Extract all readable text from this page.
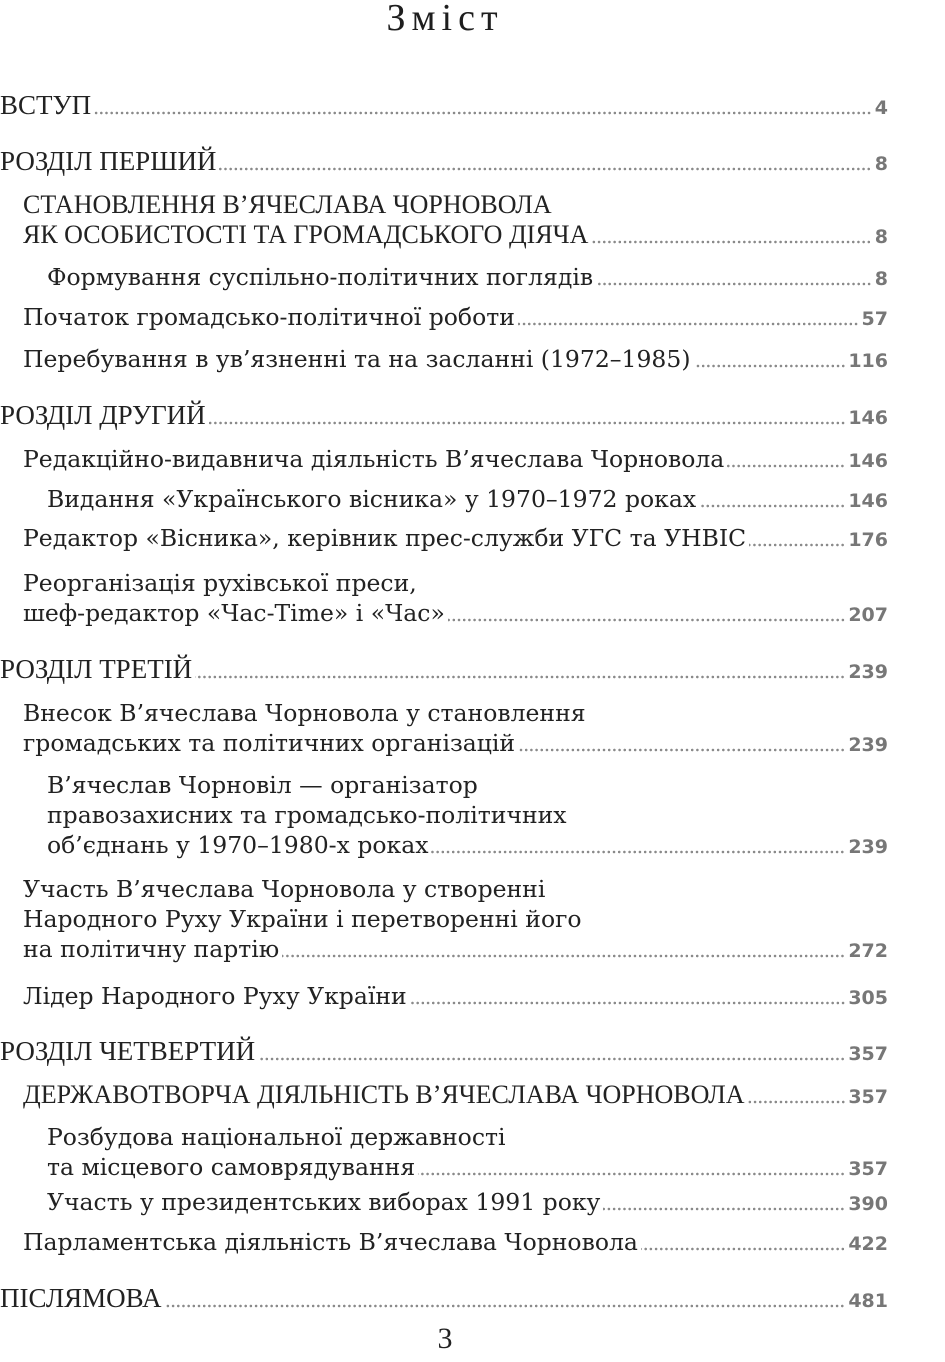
Зміст
ВСТУП	4
РОЗДІЛ ПЕРШИЙ	8
СТАНОВЛЕННЯ В’ЯЧЕСЛАВА ЧОРНОВОЛА
ЯК ОСОБИСТОСТІ ТА ГРОМАДСЬКОГО ДІЯЧА	8
Формування суспільно-політичних поглядів	8
Початок громадсько-політичної роботи	57
Перебування в ув’язненні та на засланні (1972–1985)	116
РОЗДІЛ ДРУГИЙ	146
Редакційно-видавнича діяльність В’ячеслава Чорновола	146
Видання «Українського вісника» у 1970–1972 роках	146
Редактор «Вісника», керівник прес-служби УГС та УНВІС	176
Реорганізація рухівської преси,
шеф-редактор «Час-Time» і «Час»	207
РОЗДІЛ ТРЕТІЙ	239
Внесок В’ячеслава Чорновола у становлення
громадських та політичних організацій	239
В’ячеслав Чорновіл — організатор
правозахисних та громадсько-політичних
об’єднань у 1970–1980-х роках	239
Участь В’ячеслава Чорновола у створенні
Народного Руху України і перетворенні його
на політичну партію	272
Лідер Народного Руху України	305
РОЗДІЛ ЧЕТВЕРТИЙ	357
ДЕРЖАВОТВОРЧА ДІЯЛЬНІСТЬ В’ЯЧЕСЛАВА ЧОРНОВОЛА	357
Розбудова національної державності
та місцевого самоврядування	357
Участь у президентських виборах 1991 року	390
Парламентська діяльність В’ячеслава Чорновола	422
ПІСЛЯМОВА	481
3
